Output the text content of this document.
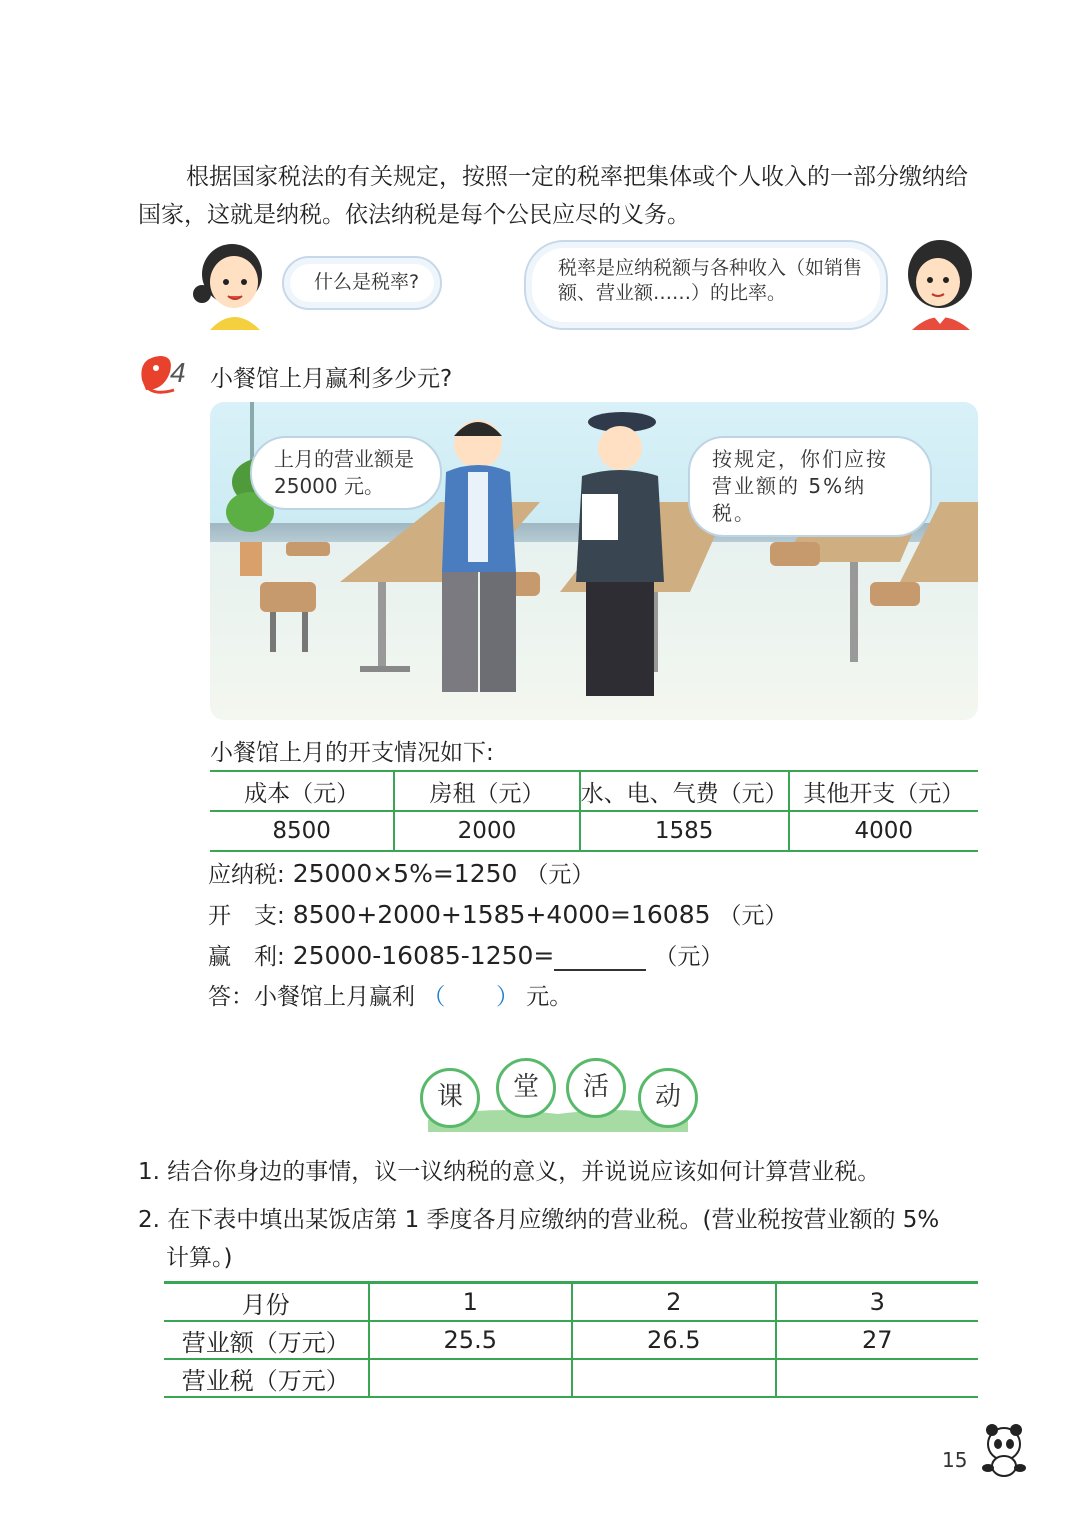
根据国家税法的有关规定，按照一定的税率把集体或个人收入的一部分缴纳给国家，这就是纳税。依法纳税是每个公民应尽的义务。

什么是税率?
税率是应纳税额与各种收入（如销售额、营业额……）的比率。
4 小餐馆上月赢利多少元?
上月的营业额是 25000 元。
按规定，你们应按营业额的 5%纳税。
小餐馆上月的开支情况如下:
成本（元）	房租（元）	水、电、气费（元）	其他开支（元）
8500	2000	1585	4000
应纳税: 25000×5%=1250 （元）
开　支: 8500+2000+1585+4000=16085 （元）
赢　利: 25000-16085-1250=	（元）
答：小餐馆上月赢利 （ ） 元。
课	堂	活	动
1. 结合你身边的事情，议一议纳税的意义，并说说应该如何计算营业税。
2. 在下表中填出某饭店第 1 季度各月应缴纳的营业税。(营业税按营业额的 5%
计算。)
月份	1	2	3
营业额（万元）	25.5	26.5	27
营业税（万元）			
15
